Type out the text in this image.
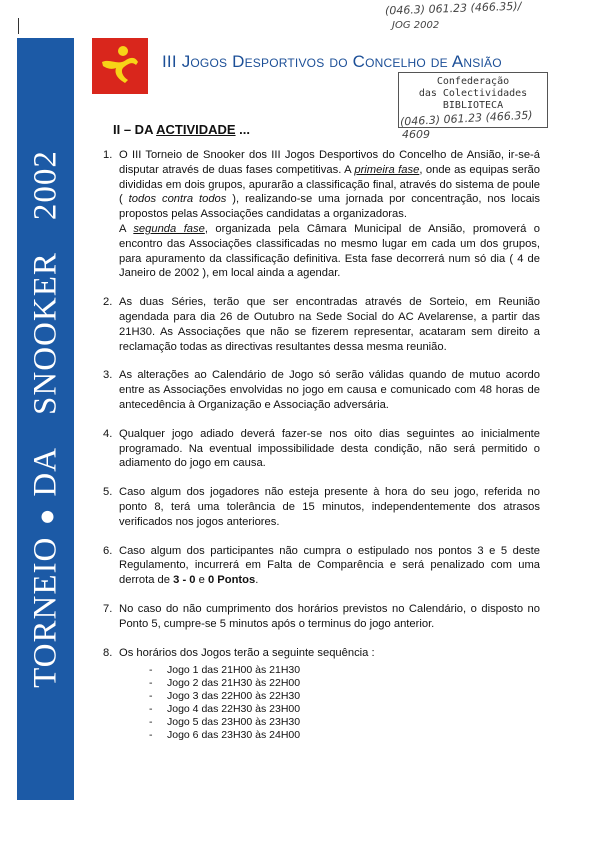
(046.3) 061.23 (466.35)/
JOG 2002
TORNEIODASNOOKER2002
III Jogos Desportivos do Concelho de Ansião
Confederação
das Colectividades
BIBLIOTECA
(046.3) 061.23 (466.35)
4609
II – DA ACTIVIDADE ...
1. O III Torneio de Snooker dos III Jogos Desportivos do Concelho de Ansião, ir-se-á disputar através de duas fases competitivas. A primeira fase, onde as equipas serão divididas em dois grupos, apurarão a classificação final, através do sistema de poule ( todos contra todos ), realizando-se uma jornada por concentração, nos locais propostos pelas Associações candidatas a organizadoras.
A segunda fase, organizada pela Câmara Municipal de Ansião, promoverá o encontro das Associações classificadas no mesmo lugar em cada um dos grupos, para apuramento da classificação definitiva. Esta fase decorrerá num só dia ( 4 de Janeiro de 2002 ), em local ainda a agendar.
2. As duas Séries, terão que ser encontradas através de Sorteio, em Reunião agendada para dia 26 de Outubro na Sede Social do AC Avelarense, a partir das 21H30. As Associações que não se fizerem representar, acataram sem direito a reclamação todas as directivas resultantes dessa mesma reunião.
3. As alterações ao Calendário de Jogo só serão válidas quando de mutuo acordo entre as Associações envolvidas no jogo em causa e comunicado com 48 horas de antecedência à Organização e Associação adversária.
4. Qualquer jogo adiado deverá fazer-se nos oito dias seguintes ao inicialmente programado. Na eventual impossibilidade desta condição, não será permitido o adiamento do jogo em causa.
5. Caso algum dos jogadores não esteja presente à hora do seu jogo, referida no ponto 8, terá uma tolerância de 15 minutos, independentemente dos atrasos verificados nos jogos anteriores.
6. Caso algum dos participantes não cumpra o estipulado nos pontos 3 e 5 deste Regulamento, incurrerá em Falta de Comparência e será penalizado com uma derrota de 3 - 0 e 0 Pontos.
7. No caso do não cumprimento dos horários previstos no Calendário, o disposto no Ponto 5, cumpre-se 5 minutos após o terminus do jogo anterior.
8. Os horários dos Jogos terão a seguinte sequência :
- Jogo 1 das 21H00 às 21H30
- Jogo 2 das 21H30 às 22H00
- Jogo 3 das 22H00 às 22H30
- Jogo 4 das 22H30 às 23H00
- Jogo 5 das 23H00 às 23H30
- Jogo 6 das 23H30 às 24H00
